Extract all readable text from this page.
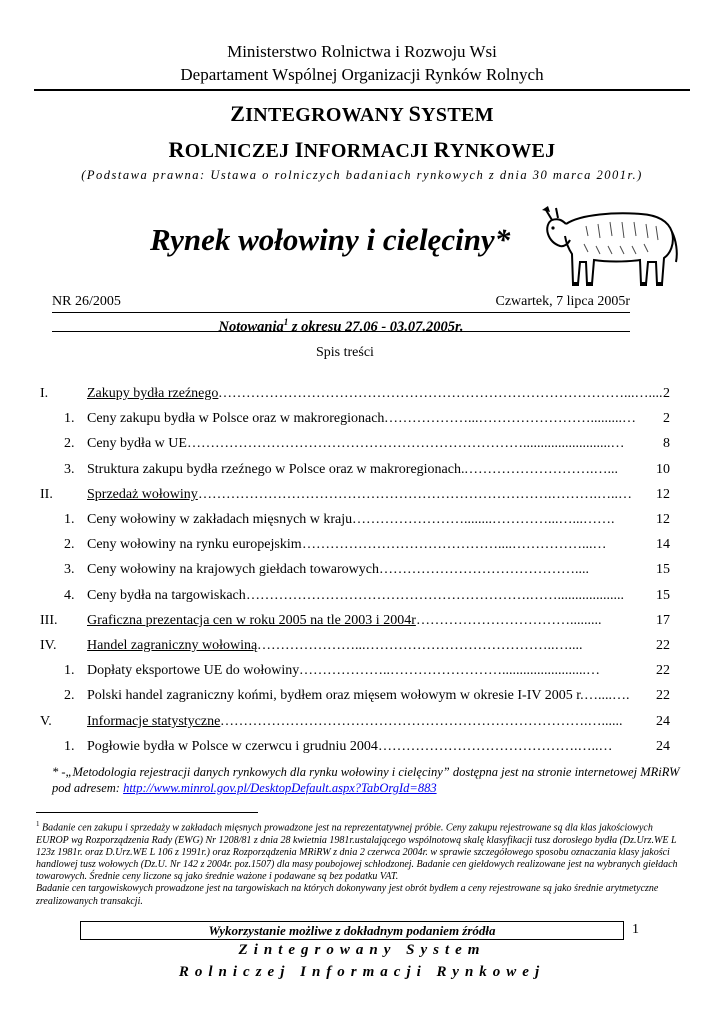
Ministerstwo Rolnictwa i Rozwoju Wsi
Departament Wspólnej Organizacji Rynków Rolnych
ZINTEGROWANY SYSTEM
ROLNICZEJ INFORMACJI RYNKOWEJ
(Podstawa prawna: Ustawa o rolniczych badaniach rynkowych z dnia 30 marca 2001r.)
Rynek wołowiny i cielęciny*
NR 26/2005	Czwartek, 7 lipca 2005r
Notowania$^1$ z okresu 27.06 - 03.07.2005r.
Spis treści
I.	Zakupy bydła rzeźnego ……………………………………………………………………………...….... 2
1. Ceny zakupu bydła w Polsce oraz w makroregionach ………………...…………………….........…	2
2. Ceny bydła w UE ……………………………………………………………….........................…	8
3. Struktura zakupu bydła rzeźnego w Polsce oraz w makroregionach. ……………………….…...	10
II. Sprzedaż wołowiny ………………………………………………………………….……….…..…	12
1. Ceny wołowiny w zakładach mięsnych w kraju ……………………........…………...…...…….	12
2. Ceny wołowiny na rynku europejskim ……………………………………....……………...…	14
3. Ceny wołowiny na krajowych giełdach towarowych ……………………………………....	15
4. Ceny bydła na targowiskach …………………………………………………….……...................	15
III. Graficzna prezentacja cen w roku 2005 na tle 2003 i 2004r …………………………….........	17
IV. Handel zagraniczny wołowiną …………………...…………………………………..…....	22
1. Dopłaty eksportowe UE do wołowiny ………………..……………………........................…	22
2. Polski handel zagraniczny końmi, bydłem oraz mięsem wołowym w okresie I-IV 2005 r. …....….	22
V.	Informacje statystyczne …………………………………………………………………….…......	24
1. Pogłowie bydła w Polsce w czerwcu i grudniu 2004 …………………………………….…..…	24
* -„Metodologia rejestracji danych rynkowych dla rynku wołowiny i cielęciny” dostępna jest na stronie internetowej MRiRW pod adresem: http://www.minrol.gov.pl/DesktopDefault.aspx?TabOrgId=883
$^1$ Badanie cen zakupu i sprzedaży w zakładach mięsnych prowadzone jest na reprezentatywnej próbie. Ceny zakupu rejestrowane są dla klas jakościowych EUROP wg Rozporządzenia Rady (EWG) Nr 1208/81 z dnia 28 kwietnia 1981r.ustalającego wspólnotową skalę klasyfikacji tusz dorosłego bydła (Dz.Urz.WE L 123z 1981r. oraz D.Urz.WE L 106 z 1991r.) oraz Rozporządzenia MRiRW z dnia 2 czerwca 2004r. w sprawie szczegółowego sposobu oznaczania klasy jakości handlowej tusz wołowych (Dz.U. Nr 142 z 2004r. poz.1507) dla masy poubojowej schłodzonej. Badanie cen giełdowych realizowane jest na wybranych giełdach towarowych. Średnie ceny liczone są jako średnie ważone i podawane są bez podatku VAT.
Badanie cen targowiskowych prowadzone jest na targowiskach na których dokonywany jest obrót bydłem a ceny rejestrowane są jako średnie arytmetyczne zrealizowanych transakcji.
Wykorzystanie możliwe z dokładnym podaniem źródła	1
Zintegrowany System
Rolniczej Informacji Rynkowej
